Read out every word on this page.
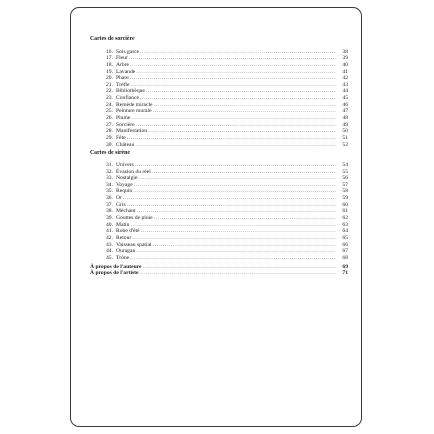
Cartes de sorcière
16. Sois garce .....	38
17. Fleur .....	39
18. Arbre .....	40
19. Lavande .....	41
20. Phare .....	42
21. Trèfle .....	43
22. Bibliothèque .....	44
23. Confiance .....	45
24. Remède miracle .....	46
25. Peinture murale .....	47
26. Plume .....	48
27. Sorcière .....	49
28. Manifestation .....	50
29. Fête .....	51
30. Château .....	52
Cartes de sirène
31. Univers .....	54
32. Évasion du réel .....	55
33. Nostalgie .....	56
34. Voyage .....	57
35. Requin .....	58
36. Or .....	59
37. Gris .....	60
38. Méchant .....	61
39. Gouttes de pluie .....	62
40. Matin .....	63
41. Robe d'été .....	64
42. Retour .....	65
43. Vaisseau spatial .....	66
44. Ouragan .....	67
45. Trône .....	68
À propos de l'auteure .....	69
À propos de l'artiste .....	71
